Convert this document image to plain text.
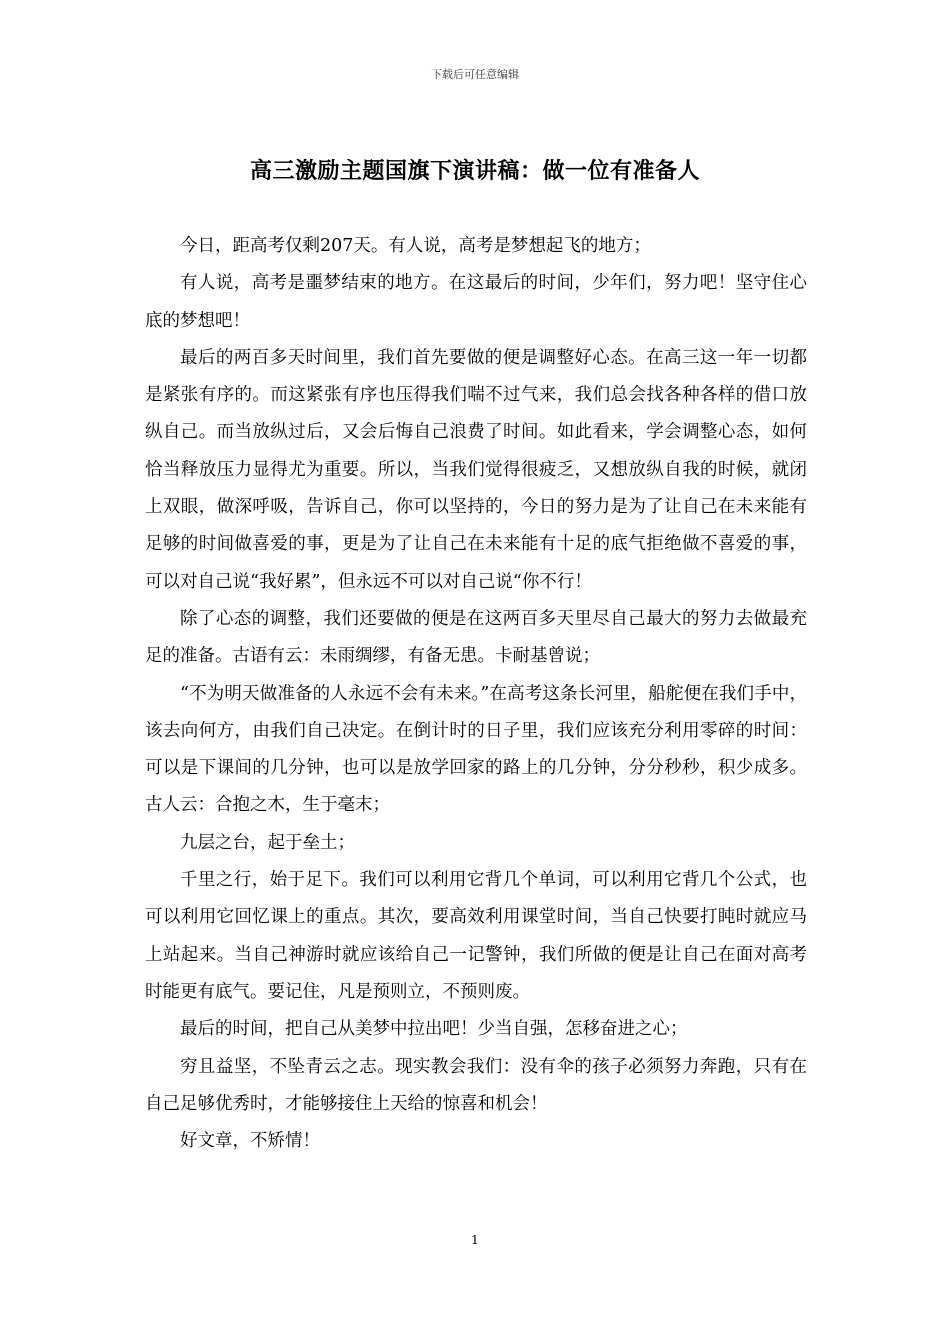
下载后可任意编辑
高三激励主题国旗下演讲稿：做一位有准备人

今日，距高考仅剩207天。有人说，高考是梦想起飞的地方；

有人说，高考是噩梦结束的地方。在这最后的时间，少年们，努力吧！坚守住心底的梦想吧！

最后的两百多天时间里，我们首先要做的便是调整好心态。在高三这一年一切都是紧张有序的。而这紧张有序也压得我们喘不过气来，我们总会找各种各样的借口放纵自己。而当放纵过后，又会后悔自己浪费了时间。如此看来，学会调整心态，如何恰当释放压力显得尤为重要。所以，当我们觉得很疲乏，又想放纵自我的时候，就闭上双眼，做深呼吸，告诉自己，你可以坚持的，今日的努力是为了让自己在未来能有足够的时间做喜爱的事，更是为了让自己在未来能有十足的底气拒绝做不喜爱的事，可以对自己说“我好累”，但永远不可以对自己说“你不行！

除了心态的调整，我们还要做的便是在这两百多天里尽自己最大的努力去做最充足的准备。古语有云：未雨绸缪，有备无患。卡耐基曾说；

“不为明天做准备的人永远不会有未来。”在高考这条长河里，船舵便在我们手中，该去向何方，由我们自己决定。在倒计时的日子里，我们应该充分利用零碎的时间：可以是下课间的几分钟，也可以是放学回家的路上的几分钟，分分秒秒，积少成多。古人云：合抱之木，生于毫末；

九层之台，起于垒土；

千里之行，始于足下。我们可以利用它背几个单词，可以利用它背几个公式，也可以利用它回忆课上的重点。其次，要高效利用课堂时间，当自己快要打盹时就应马上站起来。当自己神游时就应该给自己一记警钟，我们所做的便是让自己在面对高考时能更有底气。要记住，凡是预则立，不预则废。

最后的时间，把自己从美梦中拉出吧！少当自强，怎移奋进之心；

穷且益坚，不坠青云之志。现实教会我们：没有伞的孩子必须努力奔跑，只有在自己足够优秀时，才能够接住上天给的惊喜和机会！

好文章，不矫情！

1
